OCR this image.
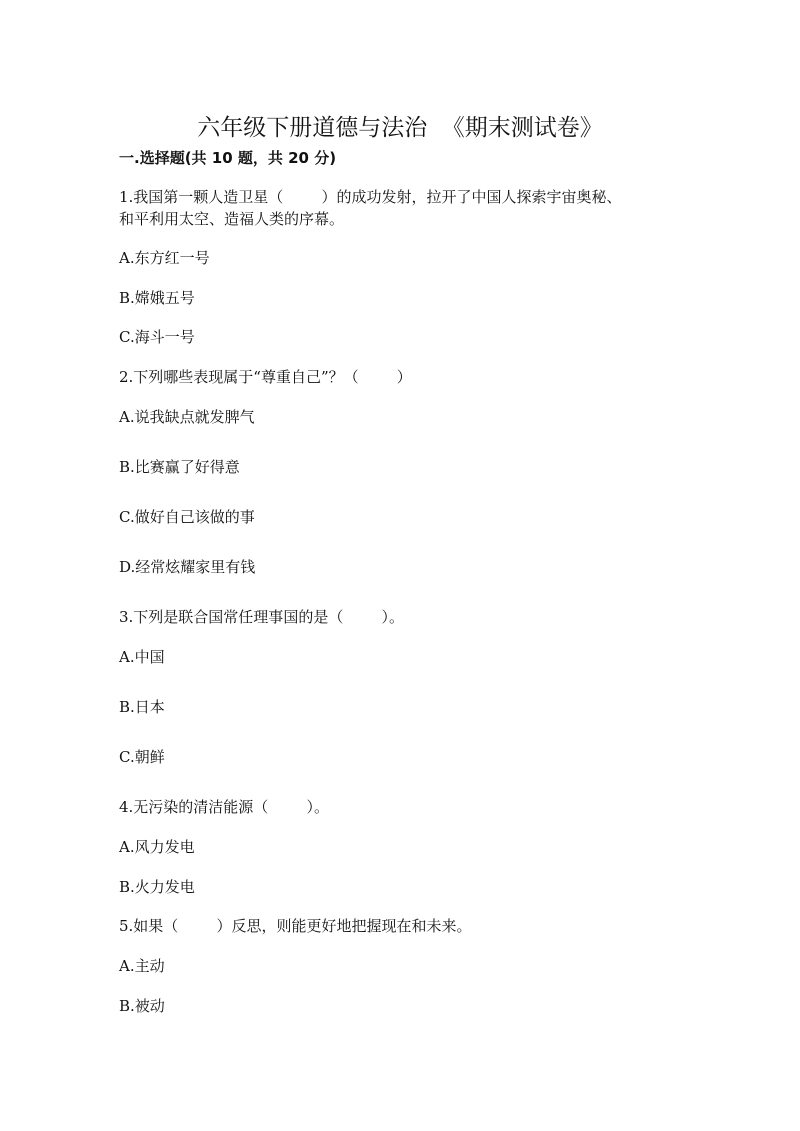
六年级下册道德与法治  《期末测试卷》
一.选择题(共 10 题，共 20 分)
1.我国第一颗人造卫星（        ）的成功发射，拉开了中国人探索宇宙奥秘、
和平利用太空、造福人类的序幕。
A.东方红一号
B.嫦娥五号
C.海斗一号
2.下列哪些表现属于“尊重自己”？（        ）
A.说我缺点就发脾气
B.比赛赢了好得意
C.做好自己该做的事
D.经常炫耀家里有钱
3.下列是联合国常任理事国的是（        ）。
A.中国
B.日本
C.朝鲜
4.无污染的清洁能源（        ）。
A.风力发电
B.火力发电
5.如果（        ）反思，则能更好地把握现在和未来。
A.主动
B.被动
